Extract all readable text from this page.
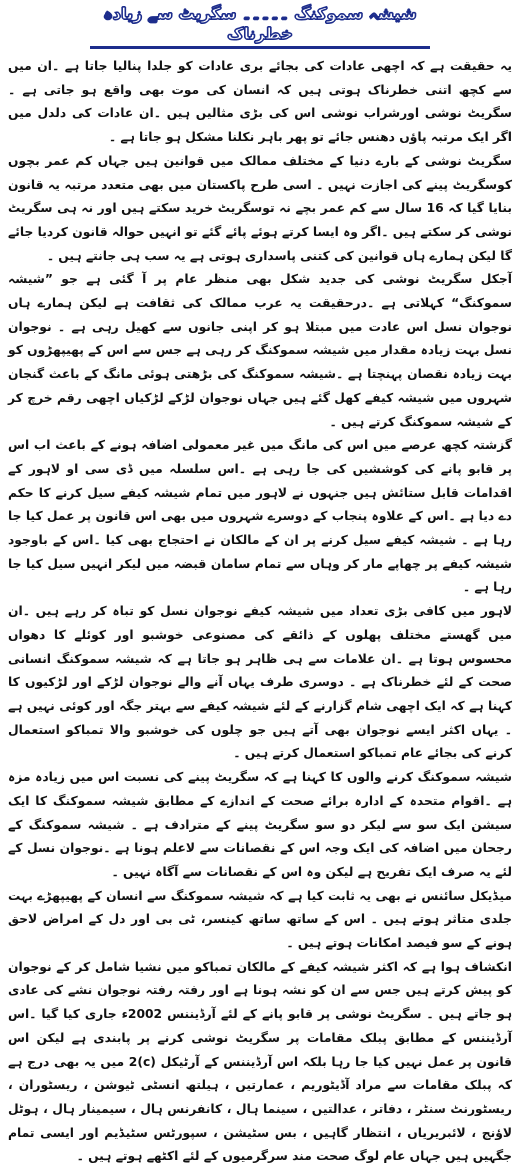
شیشہ سموکنگ ۔۔۔۔۔ سگریٹ سے زیادہ خطرناک

یہ حقیقت ہے کہ اچھی عادات کی بجائے بری عادات کو جلدا پنالیا جاتا ہے ۔ان میں سے کچھ اتنی خطرناک ہوتی ہیں کہ انسان کی موت بھی واقع ہو جاتی ہے ۔سگریٹ نوشی اورشراب نوشی اس کی بڑی مثالیں ہیں ۔ان عادات کی دلدل میں اگر ایک مرتبہ پاؤں دھنس جائے تو پھر باہر نکلنا مشکل ہو جاتا ہے ۔

سگریٹ نوشی کے بارے دنیا کے مختلف ممالک میں قوانین ہیں جہاں کم عمر بچوں کوسگریٹ پینے کی اجازت نہیں ۔ اسی طرح پاکستان میں بھی متعدد مرتبہ یہ قانون بنایا گیا کہ 16 سال سے کم عمر بچے نہ توسگریٹ خرید سکتے ہیں اور نہ ہی سگریٹ نوشی کر سکتے ہیں ۔اگر وہ ایسا کرتے ہوئے پائے گئے تو انہیں حوالہ قانون کردیا جائے گا لیکن ہمارے ہاں قوانین کی کتنی پاسداری ہوتی ہے یہ سب ہی جانتے ہیں ۔

آجکل سگریٹ نوشی کی جدید شکل بھی منظر عام پر آ گئی ہے جو ”شیشہ سموکنگ“ کہلاتی ہے ۔درحقیقت یہ عرب ممالک کی ثقافت ہے لیکن ہمارے ہاں نوجوان نسل اس عادت میں مبتلا ہو کر اپنی جانوں سے کھیل رہی ہے ۔ نوجوان نسل بہت زیادہ مقدار میں شیشہ سموکنگ کر رہی ہے جس سے اس کے پھیپھڑوں کو بہت زیادہ نقصان پہنچتا ہے ۔شیشہ سموکنگ کی بڑھتی ہوئی مانگ کے باعث گنجان شہروں میں شیشہ کیفے کھل گئے ہیں جہاں نوجوان لڑکے لڑکیاں اچھی رقم خرچ کر کے شیشہ سموکنگ کرتے ہیں ۔

گزشتہ کچھ عرصے میں اس کی مانگ میں غیر معمولی اضافہ ہونے کے باعث اب اس پر قابو پانے کی کوششیں کی جا رہی ہے ۔اس سلسلہ میں ڈی سی او لاہور کے اقدامات قابل ستائش ہیں جنہوں نے لاہور میں تمام شیشہ کیفے سیل کرنے کا حکم دے دیا ہے ۔اس کے علاوہ پنجاب کے دوسرے شہروں میں بھی اس قانون پر عمل کیا جا رہا ہے ۔ شیشہ کیفے سیل کرنے پر ان کے مالکان نے احتجاج بھی کیا ۔اس کے باوجود شیشہ کیفے پر چھاپے مار کر وہاں سے تمام سامان قبضہ میں لیکر انہیں سیل کیا جا رہا ہے ۔

لاہور میں کافی بڑی تعداد میں شیشہ کیفے نوجوان نسل کو تباہ کر رہے ہیں ۔ان میں گھستے مختلف پھلوں کے ذائقے کی مصنوعی خوشبو اور کوئلے کا دھواں محسوس ہوتا ہے ۔ان علامات سے ہی ظاہر ہو جاتا ہے کہ شیشہ سموکنگ انسانی صحت کے لئے خطرناک ہے ۔ دوسری طرف یہاں آنے والے نوجوان لڑکے اور لڑکیوں کا کہنا ہے کہ ایک اچھی شام گزارنے کے لئے شیشہ کیفے سے بہتر جگہ اور کوئی نہیں ہے ۔ یہاں اکثر ایسے نوجوان بھی آتے ہیں جو چلوں کی خوشبو والا تمباکو استعمال کرنے کی بجائے عام تمباکو استعمال کرتے ہیں ۔

شیشہ سموکنگ کرنے والوں کا کہنا ہے کہ سگریٹ پینے کی نسبت اس میں زیادہ مزہ ہے ۔اقوام متحدہ کے ادارہ برائے صحت کے اندازے کے مطابق شیشہ سموکنگ کا ایک سیشن ایک سو سے لیکر دو سو سگریٹ پینے کے مترادف ہے ۔ شیشہ سموکنگ کے رجحان میں اضافہ کی ایک وجہ اس کے نقصانات سے لاعلم ہونا ہے ۔نوجوان نسل کے لئے یہ صرف ایک تفریح ہے لیکن وہ اس کے نقصانات سے آگاہ نہیں ۔

میڈیکل سائنس نے بھی یہ ثابت کیا ہے کہ شیشہ سموکنگ سے انسان کے پھیپھڑے بہت جلدی متاثر ہوتے ہیں ۔ اس کے ساتھ ساتھ کینسر، ٹی بی اور دل کے امراض لاحق ہونے کے سو فیصد امکانات ہوتے ہیں ۔

انکشاف ہوا ہے کہ اکثر شیشہ کیفے کے مالکان تمباکو میں نشیا شامل کر کے نوجوان کو پیش کرتے ہیں جس سے ان کو نشہ ہونا ہے اور رفتہ رفتہ نوجوان نشے کی عادی ہو جاتے ہیں ۔ سگریٹ نوشی پر قابو پانے کے لئے آرڈیننس 2002ء جاری کیا گیا ۔اس آرڈیننس کے مطابق پبلک مقامات پر سگریٹ نوشی کرنے پر پابندی ہے لیکن اس قانون پر عمل نہیں کیا جا رہا بلکہ اس آرڈیننس کے آرٹیکل (c)2 میں یہ بھی درج ہے کہ پبلک مقامات سے مراد آڈیٹوریم ، عمارتیں ، ہیلتھ انسٹی ٹیوشن ، ریسٹوران ، ریسٹورنٹ سنٹر ، دفاتر ، عدالتیں ، سینما ہال ، کانفرنس ہال ، سیمینار ہال ، ہوٹل لاؤنج ، لائبریریاں ، انتظار گاہیں ، بس سٹیشن ، سپورٹس سٹیڈیم اور ایسی تمام جگہیں ہیں جہاں عام لوگ صحت مند سرگرمیوں کے لئے اکٹھے ہوتے ہیں ۔
